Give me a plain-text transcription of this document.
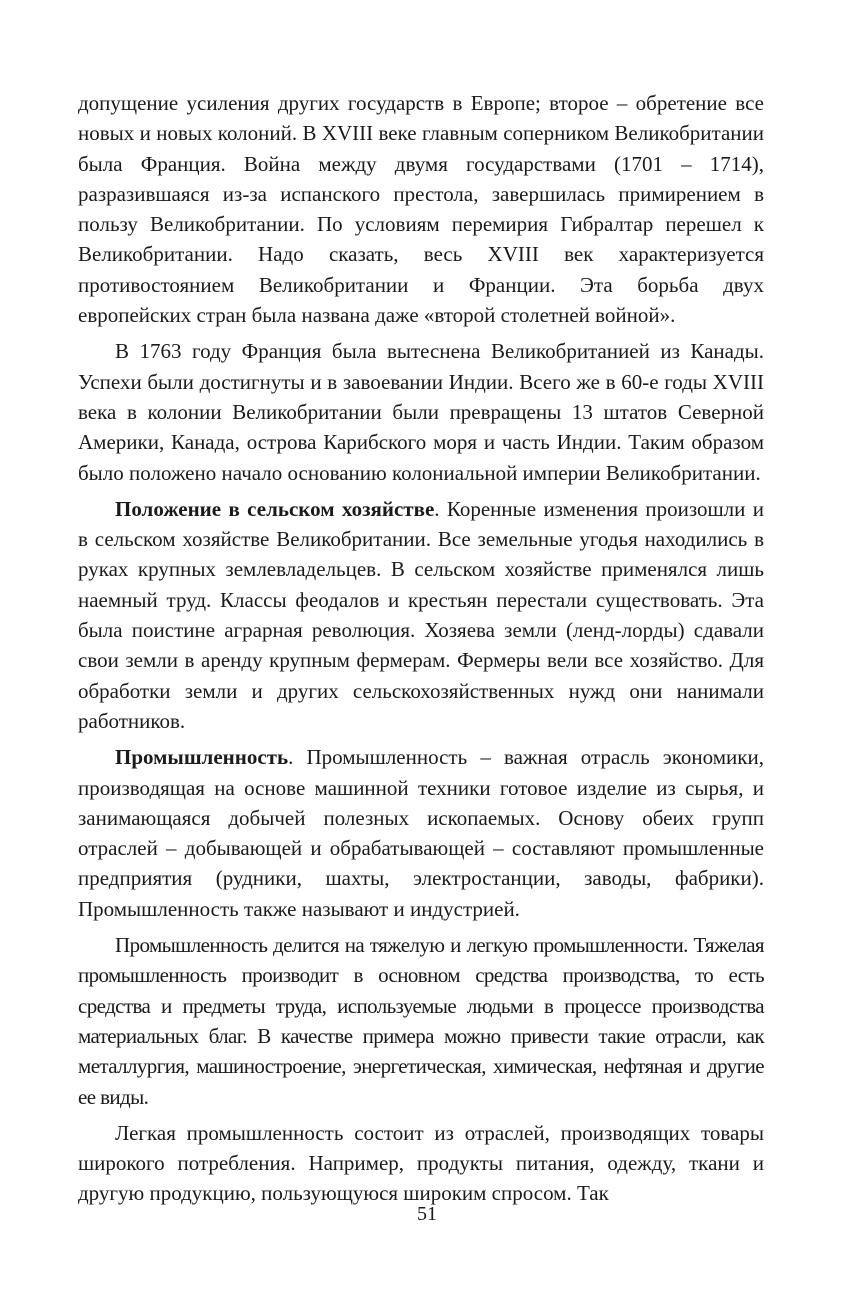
допущение усиления других государств в Европе; второе – обретение все новых и новых колоний. В XVIII веке главным соперником Великобритании была Франция. Война между двумя государствами (1701 – 1714), разразившаяся из-за испанского престола, завершилась примирением в пользу Великобритании. По условиям перемирия Гибралтар перешел к Великобритании. Надо сказать, весь XVIII век характеризуется противостоянием Великобритании и Франции. Эта борьба двух европейских стран была названа даже «второй столетней войной».

В 1763 году Франция была вытеснена Великобританией из Канады. Успехи были достигнуты и в завоевании Индии. Всего же в 60-е годы XVIII века в колонии Великобритании были превращены 13 штатов Северной Америки, Канада, острова Карибского моря и часть Индии. Таким образом было положено начало основанию колониальной империи Великобритании.

Положение в сельском хозяйстве. Коренные изменения произошли и в сельском хозяйстве Великобритании. Все земельные угодья находились в руках крупных землевладельцев. В сельском хозяйстве применялся лишь наемный труд. Классы феодалов и крестьян перестали существовать. Эта была поистине аграрная революция. Хозяева земли (ленд-лорды) сдавали свои земли в аренду крупным фермерам. Фермеры вели все хозяйство. Для обработки земли и других сельскохозяйственных нужд они нанимали работников.

Промышленность. Промышленность – важная отрасль экономики, производящая на основе машинной техники готовое изделие из сырья, и занимающаяся добычей полезных ископаемых. Основу обеих групп отраслей – добывающей и обрабатывающей – составляют промышленные предприятия (рудники, шахты, электростанции, заводы, фабрики). Промышленность также называют и индустрией.

Промышленность делится на тяжелую и легкую промышленности. Тяжелая промышленность производит в основном средства производства, то есть средства и предметы труда, используемые людьми в процессе производства материальных благ. В качестве примера можно привести такие отрасли, как металлургия, машиностроение, энергетическая, химическая, нефтяная и другие ее виды.

Легкая промышленность состоит из отраслей, производящих товары широкого потребления. Например, продукты питания, одежду, ткани и другую продукцию, пользующуюся широким спросом. Так

51
